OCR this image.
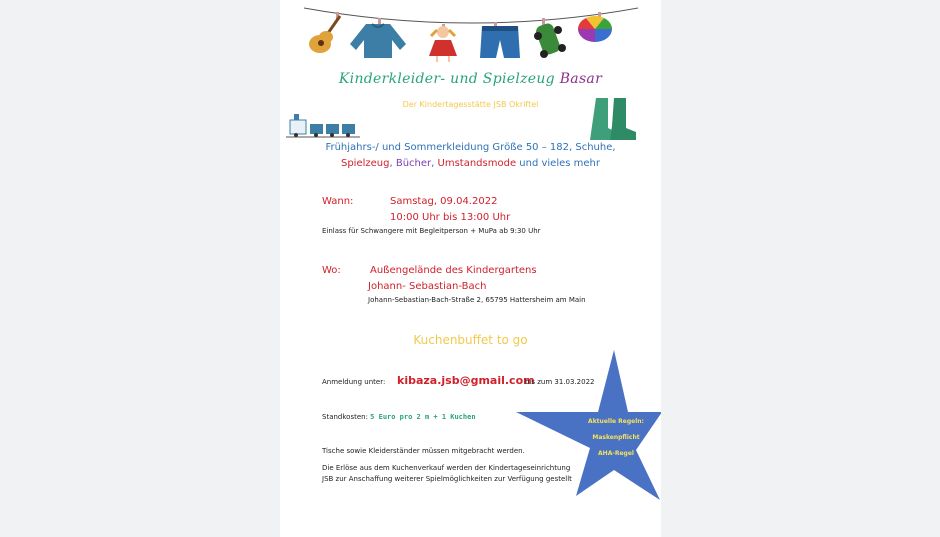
Kinderkleider- und Spielzeug Basar
Der Kindertagesstätte JSB Okriftel
Frühjahrs-/ und Sommerkleidung Größe 50 – 182, Schuhe,
Spielzeug, Bücher, Umstandsmode und vieles mehr
Wann:	Samstag, 09.04.2022
10:00 Uhr bis 13:00 Uhr
Einlass für Schwangere mit Begleitperson + MuPa ab 9:30 Uhr
Wo:	Außengelände des Kindergartens
Johann- Sebastian-Bach
Johann-Sebastian-Bach-Straße 2, 65795 Hattersheim am Main
Kuchenbuffet to go
Aktuelle Regeln:
Maskenpflicht
AHA-Regel
Anmeldung unter: kibaza.jsb@gmail.com
bis zum 31.03.2022
Standkosten: 5 Euro pro 2 m + 1 Kuchen
Tische sowie Kleiderständer müssen mitgebracht werden.
Die Erlöse aus dem Kuchenverkauf werden der Kindertageseinrichtung
JSB zur Anschaffung weiterer Spielmöglichkeiten zur Verfügung gestellt
